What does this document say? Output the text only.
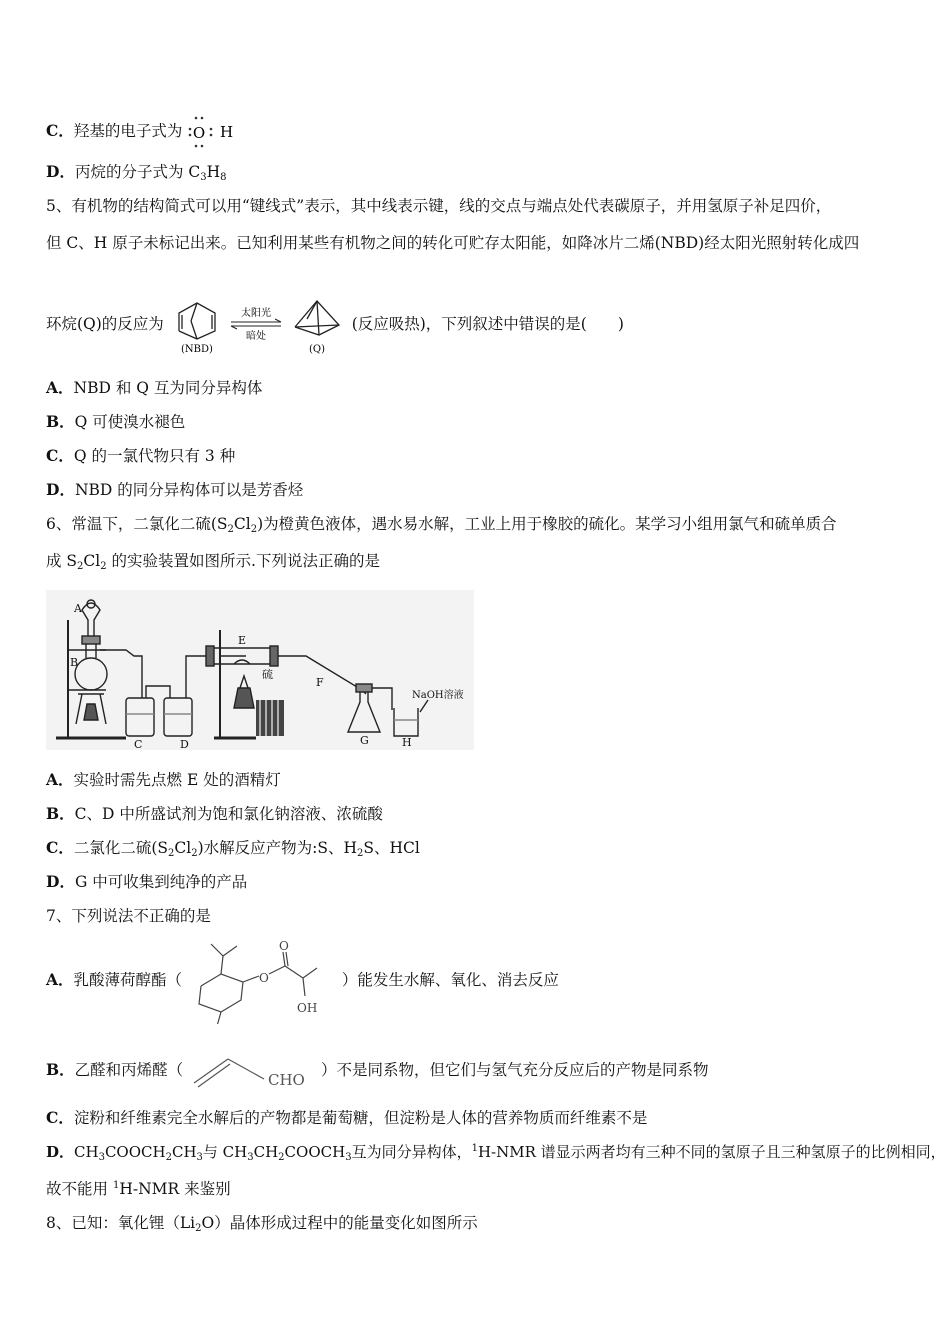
C．羟基的电子式为 O H
D．丙烷的分子式为 $C_3H_8$
5、有机物的结构简式可以用“键线式”表示，其中线表示键，线的交点与端点处代表碳原子，并用氢原子补足四价，
但 C、H 原子未标记出来。已知利用某些有机物之间的转化可贮存太阳能，如降冰片二烯(NBD)经太阳光照射转化成四
环烷(Q)的反应为
(NBD)
太阳光
暗处
(Q)
(反应吸热)，下列叙述中错误的是(　　)
A．NBD 和 Q 互为同分异构体
B．Q 可使溴水褪色
C．Q 的一氯代物只有 3 种
D．NBD 的同分异构体可以是芳香烃
6、常温下，二氯化二硫$(S_2Cl_2)$为橙黄色液体，遇水易水解，工业上用于橡胶的硫化。某学习小组用氯气和硫单质合
成 $S_2Cl_2$ 的实验装置如图所示.下列说法正确的是
A
B
C	D
E
硫
F
G	H
NaOH溶液
A．实验时需先点燃 E 处的酒精灯
B．C、D 中所盛试剂为饱和氯化钠溶液、浓硫酸
C．二氯化二硫$(S_2Cl_2)$水解反应产物为:S、$H_2S$、HCl
D．G 中可收集到纯净的产品
7、下列说法不正确的是
A．乳酸薄荷醇酯（	O
O
OH
）能发生水解、氧化、消去反应
B．乙醛和丙烯醛（
CHO
）不是同系物，但它们与氢气充分反应后的产物是同系物
C．淀粉和纤维素完全水解后的产物都是葡萄糖，但淀粉是人体的营养物质而纤维素不是
D．$CH_3COOCH_2CH_3$与 $CH_3CH_2COOCH_3$互为同分异构体，$^1$H-NMR 谱显示两者均有三种不同的氢原子且三种氢原子的比例相同，
故不能用 $^1$H-NMR 来鉴别
8、已知：氧化锂$(Li_2O)$晶体形成过程中的能量变化如图所示
